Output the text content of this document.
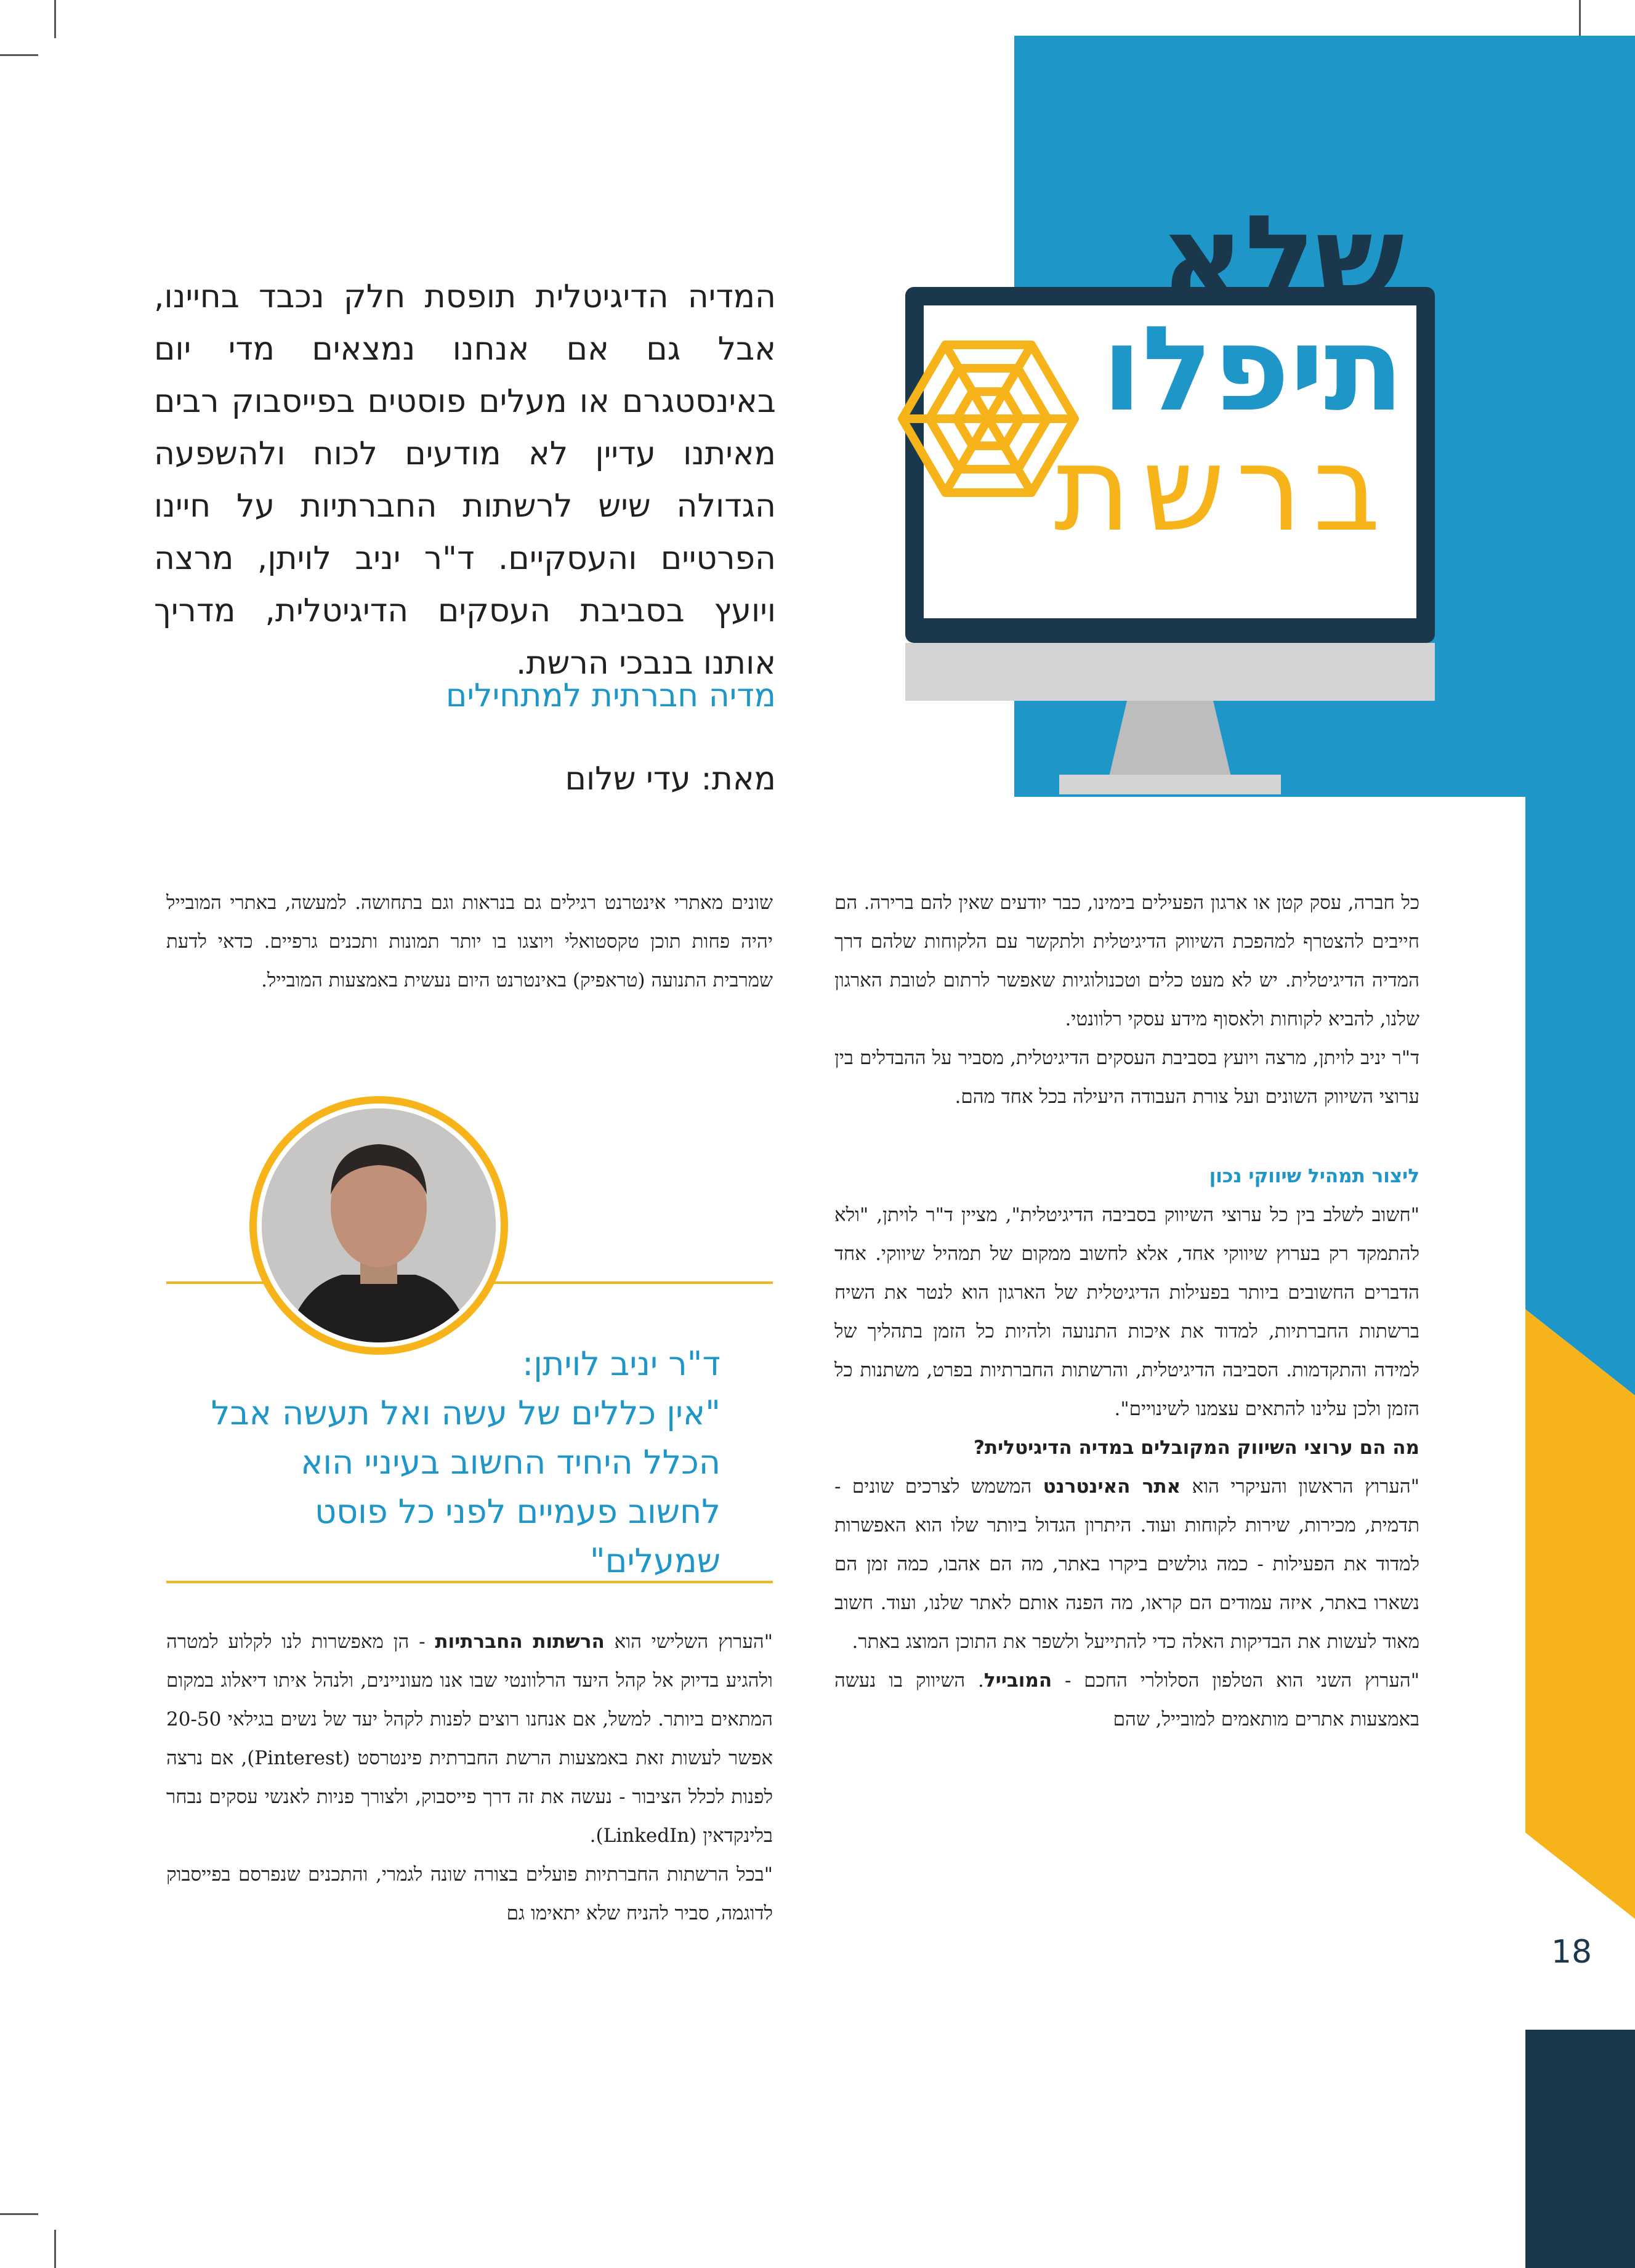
18
שלא
תיפלו
ברשת
המדיה הדיגיטלית תופסת חלק נכבד בחיינו, אבל גם אם אנחנו נמצאים מדי יום באינסטגרם או מעלים פוסטים בפייסבוק רבים מאיתנו עדיין לא מודעים לכוח ולהשפעה הגדולה שיש לרשתות החברתיות על חיינו הפרטיים והעסקיים. ד"ר יניב לויתן, מרצה ויועץ בסביבת העסקים הדיגיטלית, מדריך אותנו בנבכי הרשת.
מדיה חברתית למתחילים
מאת: עדי שלום

כל חברה, עסק קטן או ארגון הפעילים בימינו, כבר יודעים שאין להם ברירה. הם חייבים להצטרף למהפכת השיווק הדיגיטלית ולתקשר עם הלקוחות שלהם דרך המדיה הדיגיטלית. יש לא מעט כלים וטכנולוגיות שאפשר לרתום לטובת הארגון שלנו, להביא לקוחות ולאסוף מידע עסקי רלוונטי.

ד"ר יניב לויתן, מרצה ויועץ בסביבת העסקים הדיגיטלית, מסביר על ההבדלים בין ערוצי השיווק השונים ועל צורת העבודה היעילה בכל אחד מהם.

ליצור תמהיל שיווקי נכון

"חשוב לשלב בין כל ערוצי השיווק בסביבה הדיגיטלית", מציין ד"ר לויתן, "ולא להתמקד רק בערוץ שיווקי אחד, אלא לחשוב ממקום של תמהיל שיווקי. אחד הדברים החשובים ביותר בפעילות הדיגיטלית של הארגון הוא לנטר את השיח ברשתות החברתיות, למדוד את איכות התנועה ולהיות כל הזמן בתהליך של למידה והתקדמות. הסביבה הדיגיטלית, והרשתות החברתיות בפרט, משתנות כל הזמן ולכן עלינו להתאים עצמנו לשינויים".

מה הם ערוצי השיווק המקובלים במדיה הדיגיטלית?

"הערוץ הראשון והעיקרי הוא אתר האינטרנט המשמש לצרכים שונים - תדמית, מכירות, שירות לקוחות ועוד. היתרון הגדול ביותר שלו הוא האפשרות למדוד את הפעילות - כמה גולשים ביקרו באתר, מה הם אהבו, כמה זמן הם נשארו באתר, איזה עמודים הם קראו, מה הפנה אותם לאתר שלנו, ועוד. חשוב מאוד לעשות את הבדיקות האלה כדי להתייעל ולשפר את התוכן המוצג באתר.

"הערוץ השני הוא הטלפון הסלולרי החכם - המובייל. השיווק בו נעשה באמצעות אתרים מותאמים למובייל, שהם

שונים מאתרי אינטרנט רגילים גם בנראות וגם בתחושה. למעשה, באתרי המובייל יהיה פחות תוכן טקסטואלי ויוצגו בו יותר תמונות ותכנים גרפיים. כדאי לדעת שמרבית התנועה (טראפיק) באינטרנט היום נעשית באמצעות המובייל.

ד"ר יניב לויתן:
"אין כללים של עשה ואל תעשה אבל הכלל היחיד החשוב בעיניי הוא לחשוב פעמיים לפני כל פוסט שמעלים"

"הערוץ השלישי הוא הרשתות החברתיות - הן מאפשרות לנו לקלוע למטרה ולהגיע בדיוק אל קהל היעד הרלוונטי שבו אנו מעוניינים, ולנהל איתו דיאלוג במקום המתאים ביותר. למשל, אם אנחנו רוצים לפנות לקהל יעד של נשים בגילאי 20-50 אפשר לעשות זאת באמצעות הרשת החברתית פינטרסט (Pinterest), אם נרצה לפנות לכלל הציבור - נעשה את זה דרך פייסבוק, ולצורך פניות לאנשי עסקים נבחר בלינקדאין (LinkedIn).

"בכל הרשתות החברתיות פועלים בצורה שונה לגמרי, והתכנים שנפרסם בפייסבוק לדוגמה, סביר להניח שלא יתאימו גם
